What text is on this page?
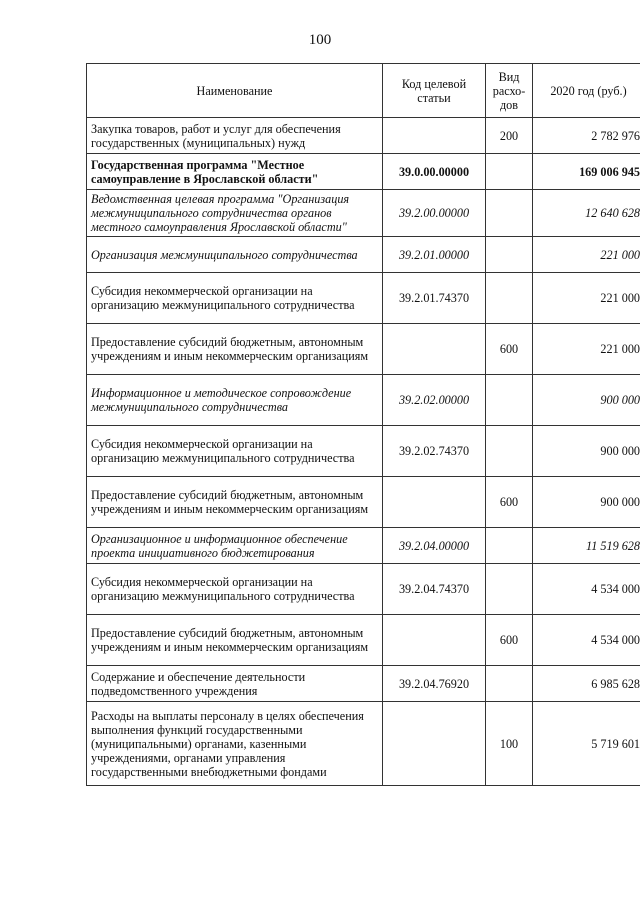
100
Наименование	Код целевой статьи	Вид расхо-дов	2020 год (руб.)
Закупка товаров, работ и услуг для обеспечения государственных (муниципальных) нужд		200	2 782 976
Государственная программа "Местное самоуправление в Ярославской области"	39.0.00.00000		169 006 945
Ведомственная целевая программа "Организация межмуниципального сотрудничества органов местного самоуправления Ярославской области"	39.2.00.00000		12 640 628
Организация межмуниципального сотрудничества	39.2.01.00000		221 000
Субсидия некоммерческой организации на организацию межмуниципального сотрудничества	39.2.01.74370		221 000
Предоставление субсидий бюджетным, автономным учреждениям и иным некоммерческим организациям		600	221 000
Информационное и методическое сопровождение межмуниципального сотрудничества	39.2.02.00000		900 000
Субсидия некоммерческой организации на организацию межмуниципального сотрудничества	39.2.02.74370		900 000
Предоставление субсидий бюджетным, автономным учреждениям и иным некоммерческим организациям		600	900 000
Организационное и информационное обеспечение проекта инициативного бюджетирования	39.2.04.00000		11 519 628
Субсидия некоммерческой организации на организацию межмуниципального сотрудничества	39.2.04.74370		4 534 000
Предоставление субсидий бюджетным, автономным учреждениям и иным некоммерческим организациям		600	4 534 000
Содержание и обеспечение деятельности подведомственного учреждения	39.2.04.76920		6 985 628
Расходы на выплаты персоналу в целях обеспечения выполнения функций государственными (муниципальными) органами, казенными учреждениями, органами управления государственными внебюджетными фондами		100	5 719 601
